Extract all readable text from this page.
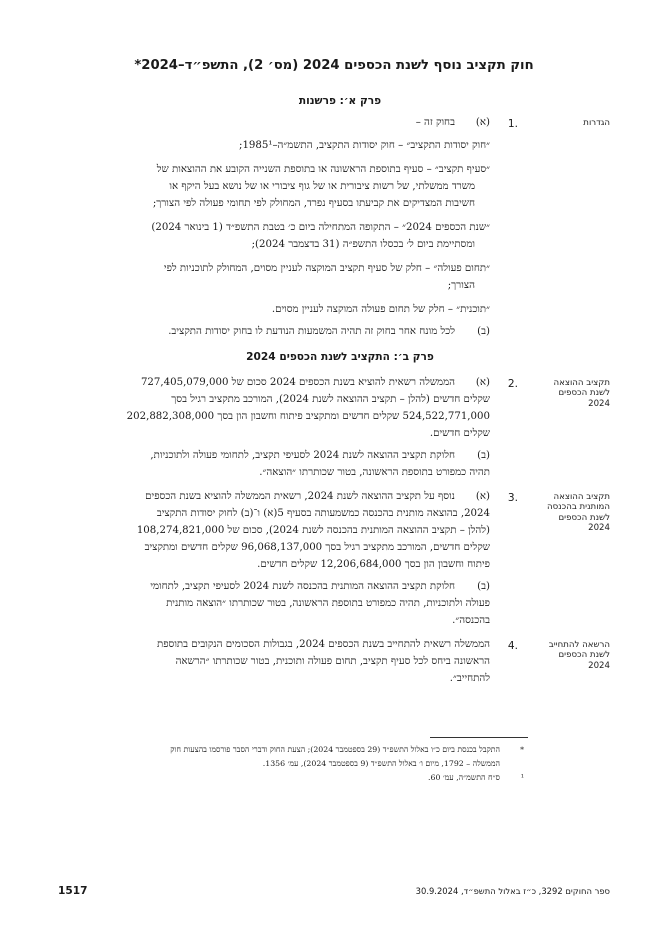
חוק תקציב נוסף לשנת הכספים 2024 (מס׳ 2), התשפ״ד–2024*
פרק א׳: פרשנות
הגדרות
.1
(א)
בחוק זה –
״חוק יסודות התקציב״ – חוק יסודות התקציב, התשמ״ה–1985¹;
״סעיף תקציב״ – סעיף בתוספת הראשונה או בתוספת השנייה הקובע את ההוצאות של
משרד ממשלתי, של רשות ציבורית או של גוף ציבורי או של נושא בעל היקף או
חשיבות המצדיקים את קביעתו בסעיף נפרד, המחולק לפי תחומי פעולה לפי הצורך;
״שנת הכספים 2024״ – התקופה המתחילה ביום כ׳ בטבת התשפ״ד (1 בינואר 2024)
ומסתיימת ביום ל׳ בכסלו התשפ״ה (31 בדצמבר 2024);
״תחום פעולה״ – חלק של סעיף תקציב המוקצה לעניין מסוים, המחולק לתוכניות לפי
הצורך;
״תוכנית״ – חלק של תחום פעולה המוקצה לעניין מסוים.
(ב)
לכל מונח אחר בחוק זה תהיה המשמעות הנודעת לו בחוק יסודות התקציב.
פרק ב׳: התקציב לשנת הכספים 2024
תקציב ההוצאה
לשנת הכספים
2024
.2
(א)
הממשלה רשאית להוציא בשנת הכספים 2024 סכום של 727,405,079,000
שקלים חדשים (להלן – תקציב ההוצאה לשנת 2024), המורכב מתקציב רגיל בסך
524,522,771,000 שקלים חדשים ומתקציב פיתוח וחשבון הון בסך 202,882,308,000
שקלים חדשים.
(ב)
חלוקת תקציב ההוצאה לשנת 2024 לסעיפי תקציב, לתחומי פעולה ולתוכניות,
תהיה כמפורט בתוספת הראשונה, בטור שכותרתו ״הוצאה״.
תקציב ההוצאה
המותנית בהכנסה
לשנת הכספים
2024
.3
(א)
נוסף על תקציב ההוצאה לשנת 2024, רשאית הממשלה להוציא בשנת הכספים
2024, בהוצאה מותנית בהכנסה כמשמעותה בסעיף 5(א) ו־(ב) לחוק יסודות התקציב
(להלן – תקציב ההוצאה המותנית בהכנסה לשנת 2024), סכום של 108,274,821,000
שקלים חדשים, המורכב מתקציב רגיל בסך 96,068,137,000 שקלים חדשים ומתקציב
פיתוח וחשבון הון בסך 12,206,684,000 שקלים חדשים.
(ב)
חלוקת תקציב ההוצאה המותנית בהכנסה לשנת 2024 לסעיפי תקציב, לתחומי
פעולה ולתוכניות, תהיה כמפורט בתוספת הראשונה, בטור שכותרתו ״הוצאה מותנית
בהכנסה״.
הרשאה להתחייב
לשנת הכספים
2024
.4
הממשלה רשאית להתחייב בשנת הכספים 2024, בגבולות הסכומים הנקובים בתוספת
הראשונה ביחס לכל סעיף תקציב, תחום פעולה ותוכנית, בטור שכותרתו ״הרשאה
להתחייב״.
*
התקבל בכנסת ביום כ״ו באלול התשפ״ד (29 בספטמבר 2024); הצעת החוק ודברי הסבר פורסמו בהצעות חוק
הממשלה – 1792, מיום ו׳ באלול התשפ״ד (9 בספטמבר 2024), עמ׳ 1356.
¹
ס״ח התשמ״ה, עמ׳ 60.
ספר החוקים 3292, כ״ז באלול התשפ״ד, 30.9.2024
1517
